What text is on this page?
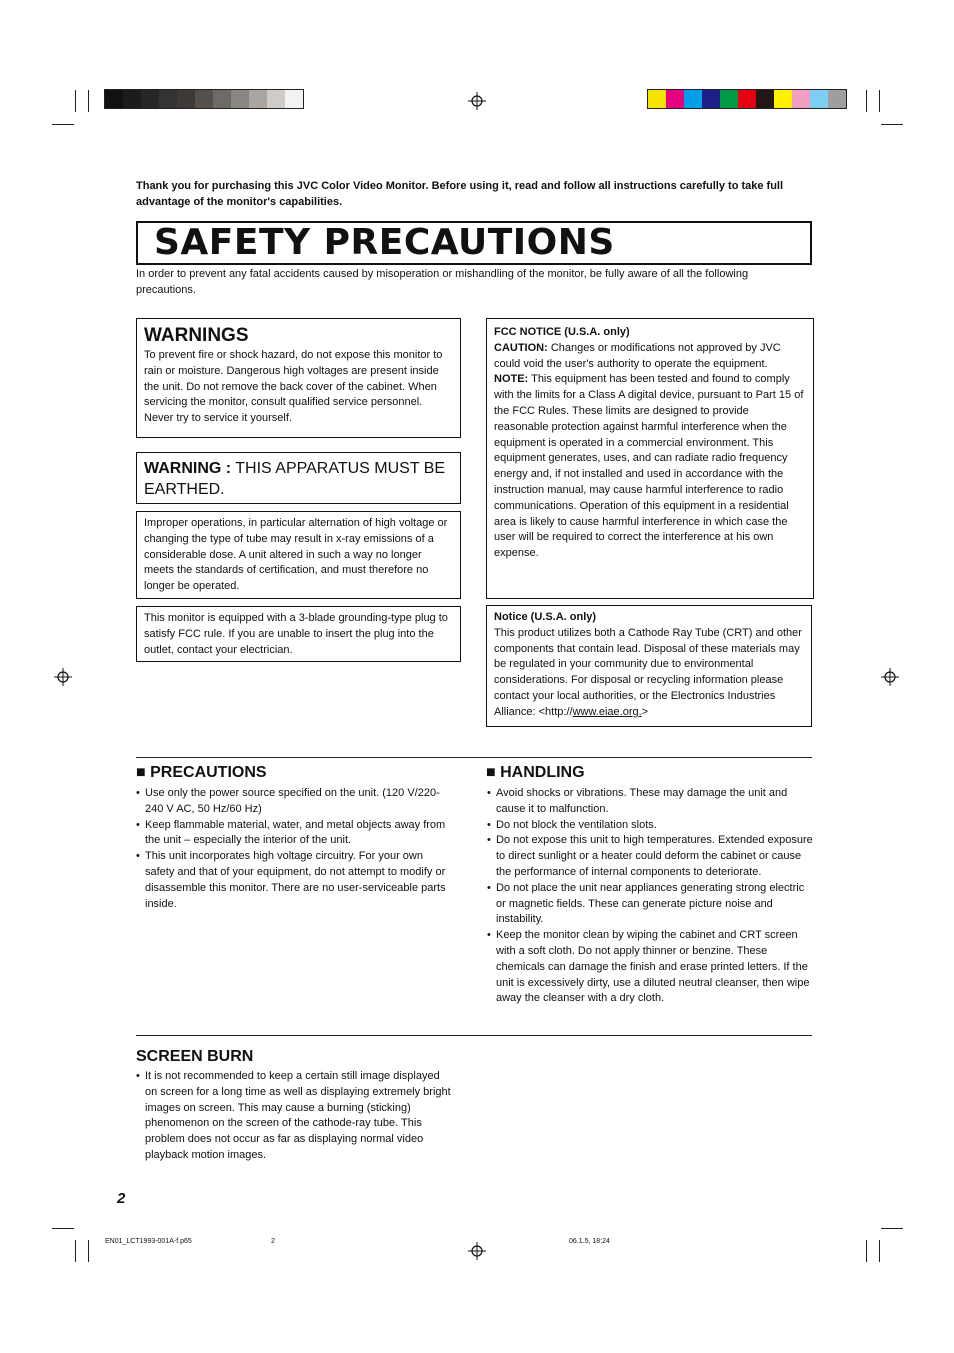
Thank you for purchasing this JVC Color Video Monitor. Before using it, read and follow all instructions carefully to take full advantage of the monitor's capabilities.
SAFETY PRECAUTIONS
In order to prevent any fatal accidents caused by misoperation or mishandling of the monitor, be fully aware of all the following precautions.
WARNINGS

To prevent fire or shock hazard, do not expose this monitor to rain or moisture. Dangerous high voltages are present inside the unit. Do not remove the back cover of the cabinet. When servicing the monitor, consult qualified service personnel. Never try to service it yourself.

WARNING : THIS APPARATUS MUST BE EARTHED.

Improper operations, in particular alternation of high voltage or changing the type of tube may result in x-ray emissions of a considerable dose. A unit altered in such a way no longer meets the standards of certification, and must therefore no longer be operated.

This monitor is equipped with a 3-blade grounding-type plug to satisfy FCC rule. If you are unable to insert the plug into the outlet, contact your electrician.

FCC NOTICE (U.S.A. only)

CAUTION: Changes or modifications not approved by JVC could void the user's authority to operate the equipment.

NOTE: This equipment has been tested and found to comply with the limits for a Class A digital device, pursuant to Part 15 of the FCC Rules. These limits are designed to provide reasonable protection against harmful interference when the equipment is operated in a commercial environment. This equipment generates, uses, and can radiate radio frequency energy and, if not installed and used in accordance with the instruction manual, may cause harmful interference to radio communications. Operation of this equipment in a residential area is likely to cause harmful interference in which case the user will be required to correct the interference at his own expense.

Notice (U.S.A. only)

This product utilizes both a Cathode Ray Tube (CRT) and other components that contain lead. Disposal of these materials may be regulated in your community due to environmental considerations. For disposal or recycling information please contact your local authorities, or the Electronics Industries Alliance: <http://www.eiae.org.>

■ PRECAUTIONS
• Use only the power source specified on the unit. (120 V/220-240 V AC, 50 Hz/60 Hz)
• Keep flammable material, water, and metal objects away from the unit – especially the interior of the unit.
• This unit incorporates high voltage circuitry. For your own safety and that of your equipment, do not attempt to modify or disassemble this monitor. There are no user-serviceable parts inside.
■ HANDLING
• Avoid shocks or vibrations. These may damage the unit and cause it to malfunction.
• Do not block the ventilation slots.
• Do not expose this unit to high temperatures. Extended exposure to direct sunlight or a heater could deform the cabinet or cause the performance of internal components to deteriorate.
• Do not place the unit near appliances generating strong electric or magnetic fields. These can generate picture noise and instability.
• Keep the monitor clean by wiping the cabinet and CRT screen with a soft cloth. Do not apply thinner or benzine. These chemicals can damage the finish and erase printed letters. If the unit is excessively dirty, use a diluted neutral cleanser, then wipe away the cleanser with a dry cloth.
SCREEN BURN
• It is not recommended to keep a certain still image displayed on screen for a long time as well as displaying extremely bright images on screen. This may cause a burning (sticking) phenomenon on the screen of the cathode-ray tube. This problem does not occur as far as displaying normal video playback motion images.
2
EN01_LCT1993-001A-f.p65	2	06.1.5, 18:24
